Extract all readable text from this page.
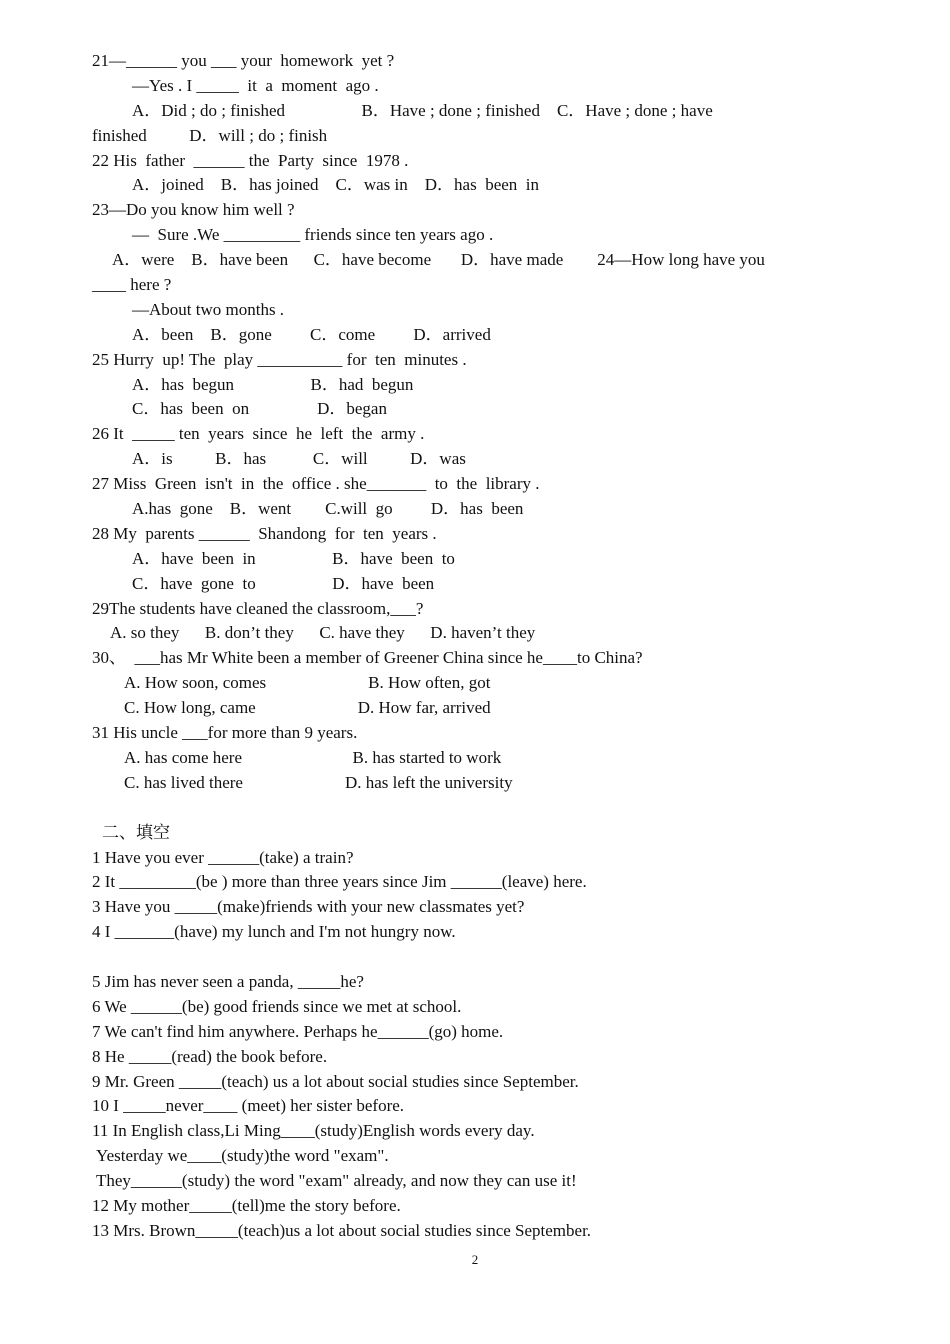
21—______ you ___ your  homework  yet ?
—Yes . I _____  it  a  moment  ago .
A．Did ; do ; finished                  B．Have ; done ; finished    C．Have ; done ; have
finished          D．will ; do ; finish
22 His  father  ______ the  Party  since  1978 .
A．joined    B．has joined    C．was in    D．has  been  in
23—Do you know him well ?
—  Sure .We _________ friends since ten years ago .
A．were    B．have been      C．have become       D．have made        24—How long have you
____ here ?
—About two months .
A．been    B．gone         C．come         D．arrived
25 Hurry  up! The  play __________ for  ten  minutes .
A．has  begun                  B．had  begun
C．has  been  on                D．began
26 It  _____ ten  years  since  he  left  the  army .
A．is          B．has           C．will          D．was
27 Miss  Green  isn't  in  the  office . she_______  to  the  library .
A.has  gone    B．went        C.will  go         D．has  been
28 My  parents ______  Shandong  for  ten  years .
A．have  been  in                  B．have  been  to
C．have  gone  to                  D．have  been
29The students have cleaned the classroom,___?
A. so they      B. don’t they      C. have they      D. haven’t they
30、  ___has Mr White been a member of Greener China since he____to China?
A. How soon, comes                        B. How often, got
C. How long, came                        D. How far, arrived
31 His uncle ___for more than 9 years.
A. has come here                          B. has started to work
C. has lived there                        D. has left the university
二、填空
1 Have you ever ______(take) a train?
2 It _________(be ) more than three years since Jim ______(leave) here.
3 Have you _____(make)friends with your new classmates yet?
4 I _______(have) my lunch and I'm not hungry now.
5 Jim has never seen a panda, _____he?
6 We ______(be) good friends since we met at school.
7 We can't find him anywhere. Perhaps he______(go) home.
8 He _____(read) the book before.
9 Mr. Green _____(teach) us a lot about social studies since September.
10 I _____never____ (meet) her sister before.
11 In English class,Li Ming____(study)English words every day.
Yesterday we____(study)the word "exam".
They______(study) the word "exam" already, and now they can use it!
12 My mother_____(tell)me the story before.
13 Mrs. Brown_____(teach)us a lot about social studies since September.
2
